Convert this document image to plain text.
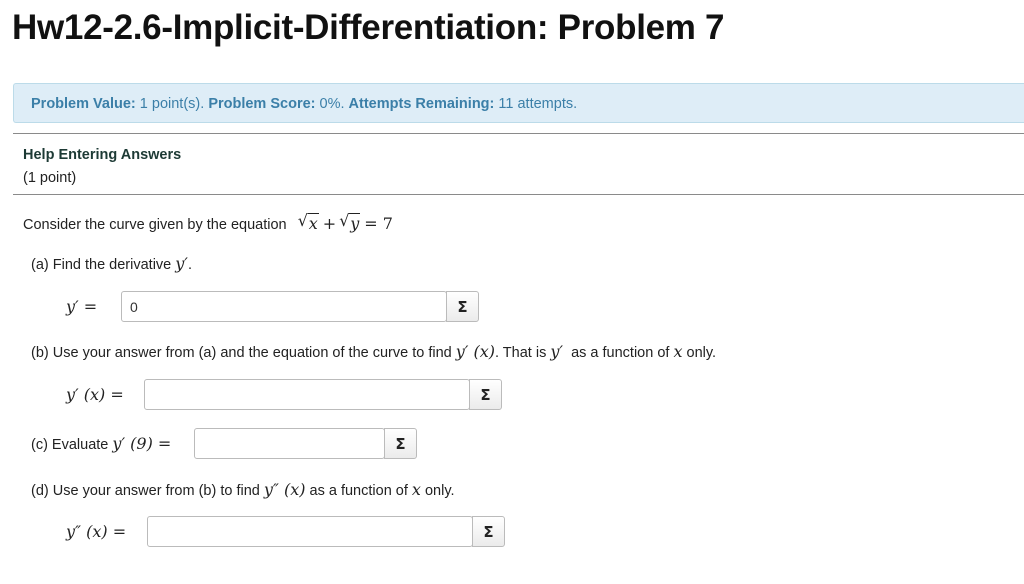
Hw12-2.6-Implicit-Differentiation: Problem 7
Problem Value: 1 point(s). Problem Score: 0%. Attempts Remaining: 11 attempts.
Help Entering Answers
(1 point)
Consider the curve given by the equation √ x + √ y = 7
(a) Find the derivative y′.
y′ =
0	Σ
(b) Use your answer from (a) and the equation of the curve to find y′ (x). That is y′ as a function of x only.
y′ (x) =	Σ
(c) Evaluate y′ (9) =	Σ
(d) Use your answer from (b) to find y″ (x) as a function of x only.
y″ (x) =	Σ
